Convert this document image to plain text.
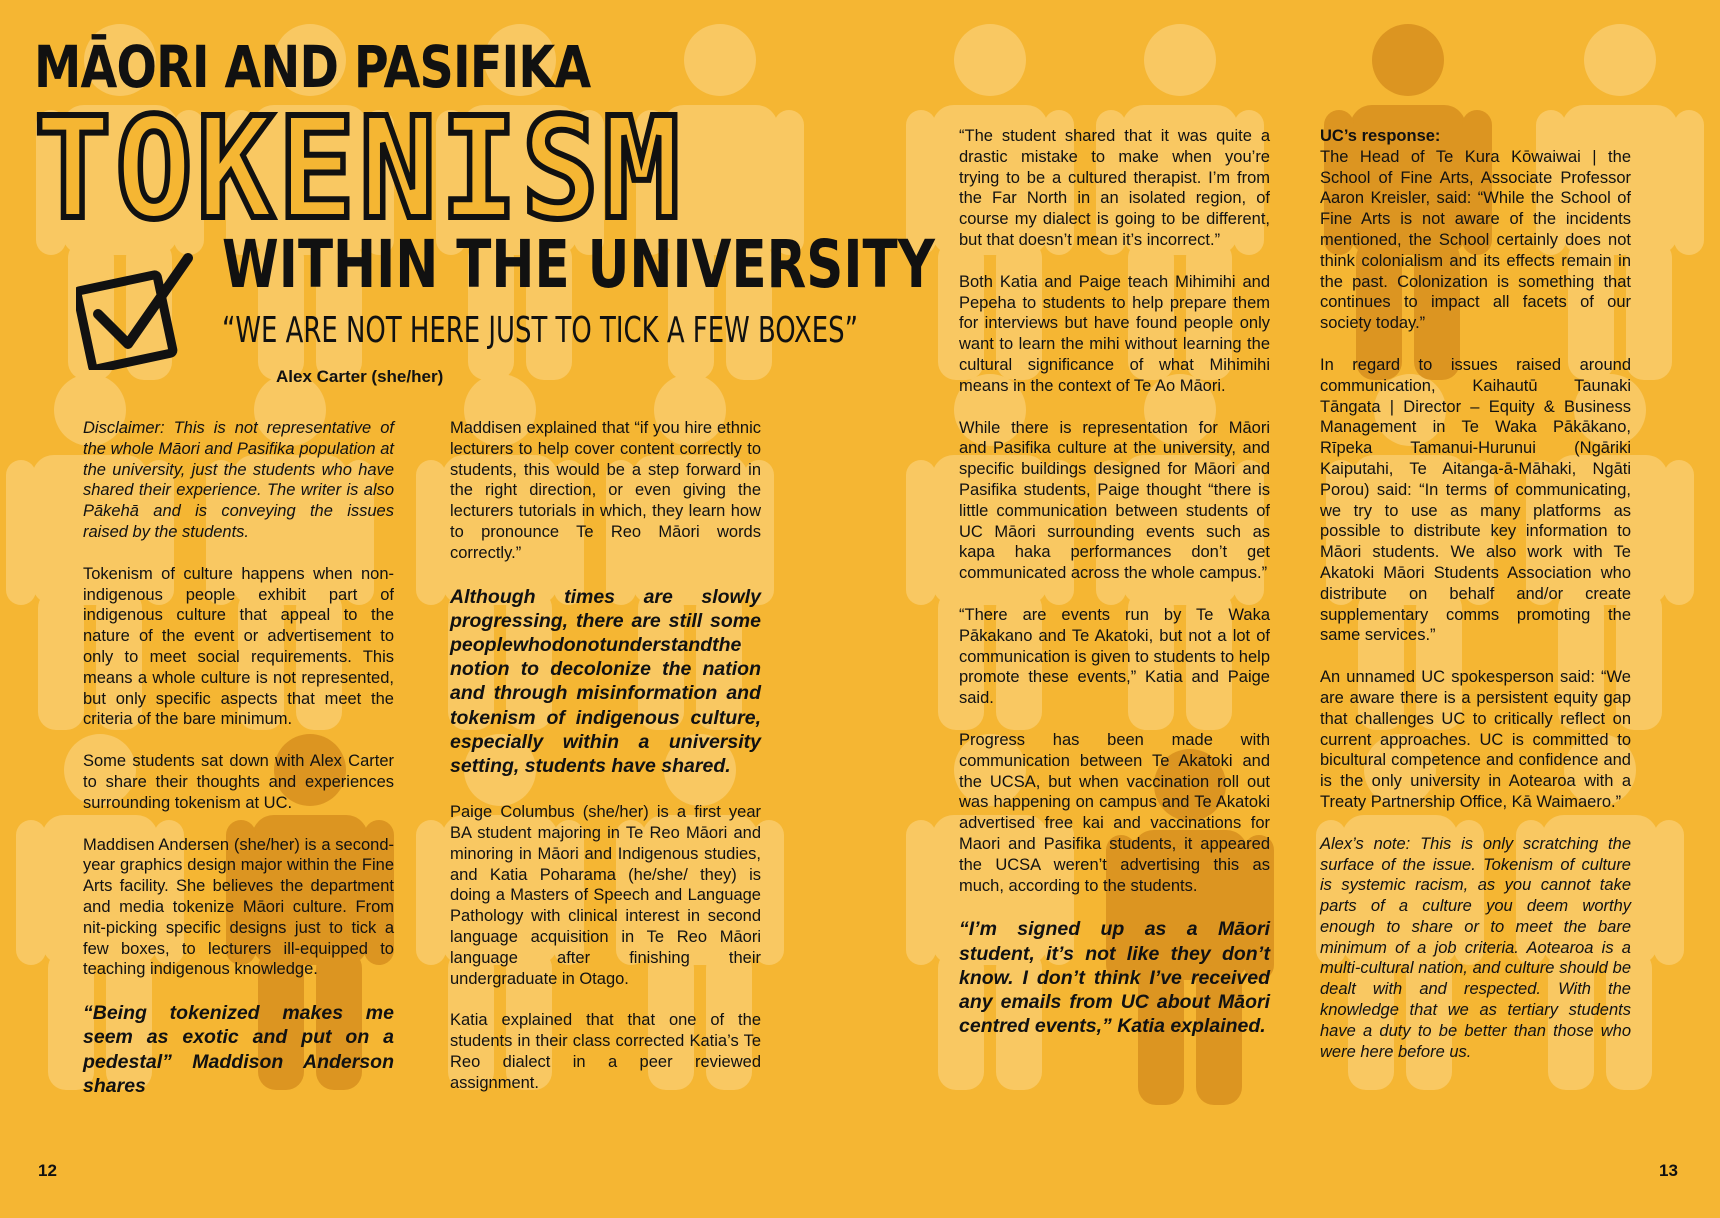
MĀORI AND PASIFIKA

TOKENISM

WITHIN THE UNIVERSITY

“WE ARE NOT HERE JUST TO TICK A FEW BOXES”

Alex Carter (she/her)

Disclaimer: This is not representative of the whole Māori and Pasifika population at the university, just the students who have shared their experience. The writer is also Pākehā and is conveying the issues raised by the students.

Tokenism of culture happens when non-indigenous people exhibit part of indigenous culture that appeal to the nature of the event or advertisement to only to meet social requirements. This means a whole culture is not represented, but only specific aspects that meet the criteria of the bare minimum.

Some students sat down with Alex Carter to share their thoughts and experiences surrounding tokenism at UC.

Maddisen Andersen (she/her) is a second-year graphics design major within the Fine Arts facility. She believes the department and media tokenize Māori culture. From nit-picking specific designs just to tick a few boxes, to lecturers ill-equipped to teaching indigenous knowledge.

“Being tokenized makes me seem as exotic and put on a pedestal” Maddison Anderson shares

Maddisen explained that “if you hire ethnic lecturers to help cover content correctly to students, this would be a step forward in the right direction, or even giving the lecturers tutorials in which, they learn how to pronounce Te Reo Māori words correctly.”

Although times are slowly progressing, there are still some peoplewhodonotunderstandthe notion to decolonize the nation and through misinformation and tokenism of indigenous culture, especially within a university setting, students have shared.

Paige Columbus (she/her) is a first year BA student majoring in Te Reo Māori and minoring in Māori and Indigenous studies, and Katia Poharama (he/she/ they) is doing a Masters of Speech and Language Pathology with clinical interest in second language acquisition in Te Reo Māori language after finishing their undergraduate in Otago.

Katia explained that that one of the students in their class corrected Katia’s Te Reo dialect in a peer reviewed assignment.

“The student shared that it was quite a drastic mistake to make when you’re trying to be a cultured therapist. I’m from the Far North in an isolated region, of course my dialect is going to be different, but that doesn’t mean it’s incorrect.”

Both Katia and Paige teach Mihimihi and Pepeha to students to help prepare them for interviews but have found people only want to learn the mihi without learning the cultural significance of what Mihimihi means in the context of Te Ao Māori.

While there is representation for Māori and Pasifika culture at the university, and specific buildings designed for Māori and Pasifika students, Paige thought “there is little communication between students of UC Māori surrounding events such as kapa haka performances don’t get communicated across the whole campus.”

“There are events run by Te Waka Pākakano and Te Akatoki, but not a lot of communication is given to students to help promote these events,” Katia and Paige said.

Progress has been made with communication between Te Akatoki and the UCSA, but when vaccination roll out was happening on campus and Te Akatoki advertised free kai and vaccinations for Maori and Pasifika students, it appeared the UCSA weren’t advertising this as much, according to the students.

“I’m signed up as a Māori student, it’s not like they don’t know. I don’t think I’ve received any emails from UC about Māori centred events,” Katia explained.

UC’s response:

The Head of Te Kura Kōwaiwai | the School of Fine Arts, Associate Professor Aaron Kreisler, said: “While the School of Fine Arts is not aware of the incidents mentioned, the School certainly does not think colonialism and its effects remain in the past. Colonization is something that continues to impact all facets of our society today.”

In regard to issues raised around communication, Kaihautū Taunaki Tāngata | Director – Equity & Business Management in Te Waka Pākākano, Rīpeka Tamanui-Hurunui (Ngāriki Kaiputahi, Te Aitanga-ā-Māhaki, Ngāti Porou) said: “In terms of communicating, we try to use as many platforms as possible to distribute key information to Māori students. We also work with Te Akatoki Māori Students Association who distribute on behalf and/or create supplementary comms promoting the same services.”

An unnamed UC spokesperson said: “We are aware there is a persistent equity gap that challenges UC to critically reflect on current approaches. UC is committed to bicultural competence and confidence and is the only university in Aotearoa with a Treaty Partnership Office, Kā Waimaero.”

Alex’s note: This is only scratching the surface of the issue. Tokenism of culture is systemic racism, as you cannot take parts of a culture you deem worthy enough to share or to meet the bare minimum of a job criteria. Aotearoa is a multi-cultural nation, and culture should be dealt with and respected. With the knowledge that we as tertiary students have a duty to be better than those who were here before us.

12	13
